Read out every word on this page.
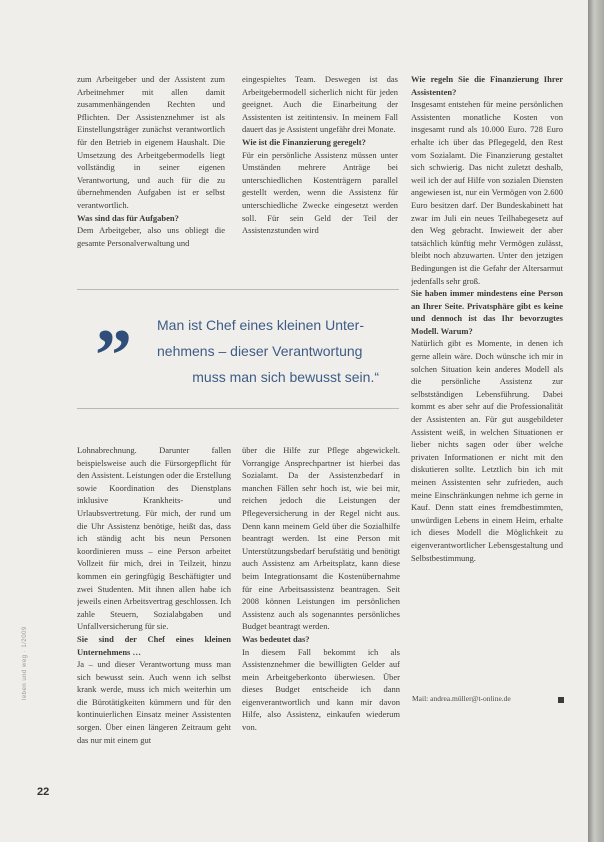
zum Arbeitgeber und der Assistent zum Arbeitnehmer mit allen damit zusammenhängenden Rechten und Pflichten. Der Assistenznehmer ist als Einstellungsträger zunächst verantwortlich für den Betrieb in eigenem Haushalt. Die Umsetzung des Arbeitgebermodells liegt vollständig in seiner eigenen Verantwortung, und auch für die zu übernehmenden Aufgaben ist er selbst verantwortlich.

Was sind das für Aufgaben?

Dem Arbeitgeber, also uns obliegt die gesamte Personalverwaltung und

eingespieltes Team. Deswegen ist das Arbeitgebermodell sicherlich nicht für jeden geeignet. Auch die Einarbeitung der Assistenten ist zeitintensiv. In meinem Fall dauert das je Assistent ungefähr drei Monate.

Wie ist die Finanzierung geregelt?

Für ein persönliche Assistenz müssen unter Umständen mehrere Anträge bei unterschiedlichen Kostenträgern parallel gestellt werden, wenn die Assistenz für unterschiedliche Zwecke eingesetzt werden soll. Für sein Geld der Teil der Assistenzstunden wird

Wie regeln Sie die Finanzierung Ihrer Assistenten?

Insgesamt entstehen für meine persönlichen Assistenten monatliche Kosten von insgesamt rund als 10.000 Euro. 728 Euro erhalte ich über das Pflegegeld, den Rest vom Sozialamt. Die Finanzierung gestaltet sich schwierig. Das nicht zuletzt deshalb, weil ich der auf Hilfe von sozialen Diensten angewiesen ist, nur ein Vermögen von 2.600 Euro besitzen darf. Der Bundeskabinett hat zwar im Juli ein neues Teilhabegesetz auf den Weg gebracht. Inwieweit der aber tatsächlich künftig mehr Vermögen zulässt, bleibt noch abzuwarten. Unter den jetzigen Bedingungen ist die Gefahr der Altersarmut jedenfalls sehr groß.

Sie haben immer mindestens eine Person an Ihrer Seite. Privatsphäre gibt es keine und dennoch ist das Ihr bevorzugtes Modell. Warum?

Natürlich gibt es Momente, in denen ich gerne allein wäre. Doch wünsche ich mir in solchen Situation kein anderes Modell als die persönliche Assistenz zur selbstständigen Lebensführung. Dabei kommt es aber sehr auf die Professionalität der Assistenten an. Für gut ausgebildeter Assistent weiß, in welchen Situationen er lieber nichts sagen oder über welche privaten Informationen er nicht mit den diskutieren sollte. Letztlich bin ich mit meinen Assistenten sehr zufrieden, auch meine Einschränkungen nehme ich gerne in Kauf. Denn statt eines fremdbestimmten, unwürdigen Lebens in einem Heim, erhalte ich dieses Modell die Möglichkeit zu eigenverantwortlicher Lebensgestaltung und Selbstbestimmung.

” Man ist Chef eines kleinen Unter-
nehmens – dieser Verantwortung
muss man sich bewusst sein.“

Lohnabrechnung. Darunter fallen beispielsweise auch die Fürsorgepflicht für den Assistent. Leistungen oder die Erstellung sowie Koordination des Dienstplans inklusive Krankheits- und Urlaubsvertretung. Für mich, der rund um die Uhr Assistenz benötige, heißt das, dass ich ständig acht bis neun Personen koordinieren muss – eine Person arbeitet Vollzeit für mich, drei in Teilzeit, hinzu kommen ein geringfügig Beschäftigter und zwei Studenten. Mit ihnen allen habe ich jeweils einen Arbeitsvertrag geschlossen. Ich zahle Steuern, Sozialabgaben und Unfallversicherung für sie.

Sie sind der Chef eines kleinen Unternehmens …

Ja – und dieser Verantwortung muss man sich bewusst sein. Auch wenn ich selbst krank werde, muss ich mich weiterhin um die Bürotätigkeiten kümmern und für den kontinuierlichen Einsatz meiner Assistenten sorgen. Über einen längeren Zeitraum geht das nur mit einem gut

über die Hilfe zur Pflege abgewickelt. Vorrangige Ansprechpartner ist hierbei das Sozialamt. Da der Assistenzbedarf in manchen Fällen sehr hoch ist, wie bei mir, reichen jedoch die Leistungen der Pflegeversicherung in der Regel nicht aus. Denn kann meinem Geld über die Sozialhilfe beantragt werden. Ist eine Person mit Unterstützungsbedarf berufstätig und benötigt auch Assistenz am Arbeitsplatz, kann diese beim Integrationsamt die Kostenübernahme für eine Arbeitsassistenz beantragen. Seit 2008 können Leistungen im persönlichen Assistenz auch als sogenanntes persönliches Budget beantragt werden.

Was bedeutet das?

In diesem Fall bekommt ich als Assistenznehmer die bewilligten Gelder auf mein Arbeitgeberkonto überwiesen. Über dieses Budget entscheide ich dann eigenverantwortlich und kann mir davon Hilfe, also Assistenz, einkaufen wiederum von.

Mail: andrea.müller@t-online.de
leben und weg · 1/2009
22
